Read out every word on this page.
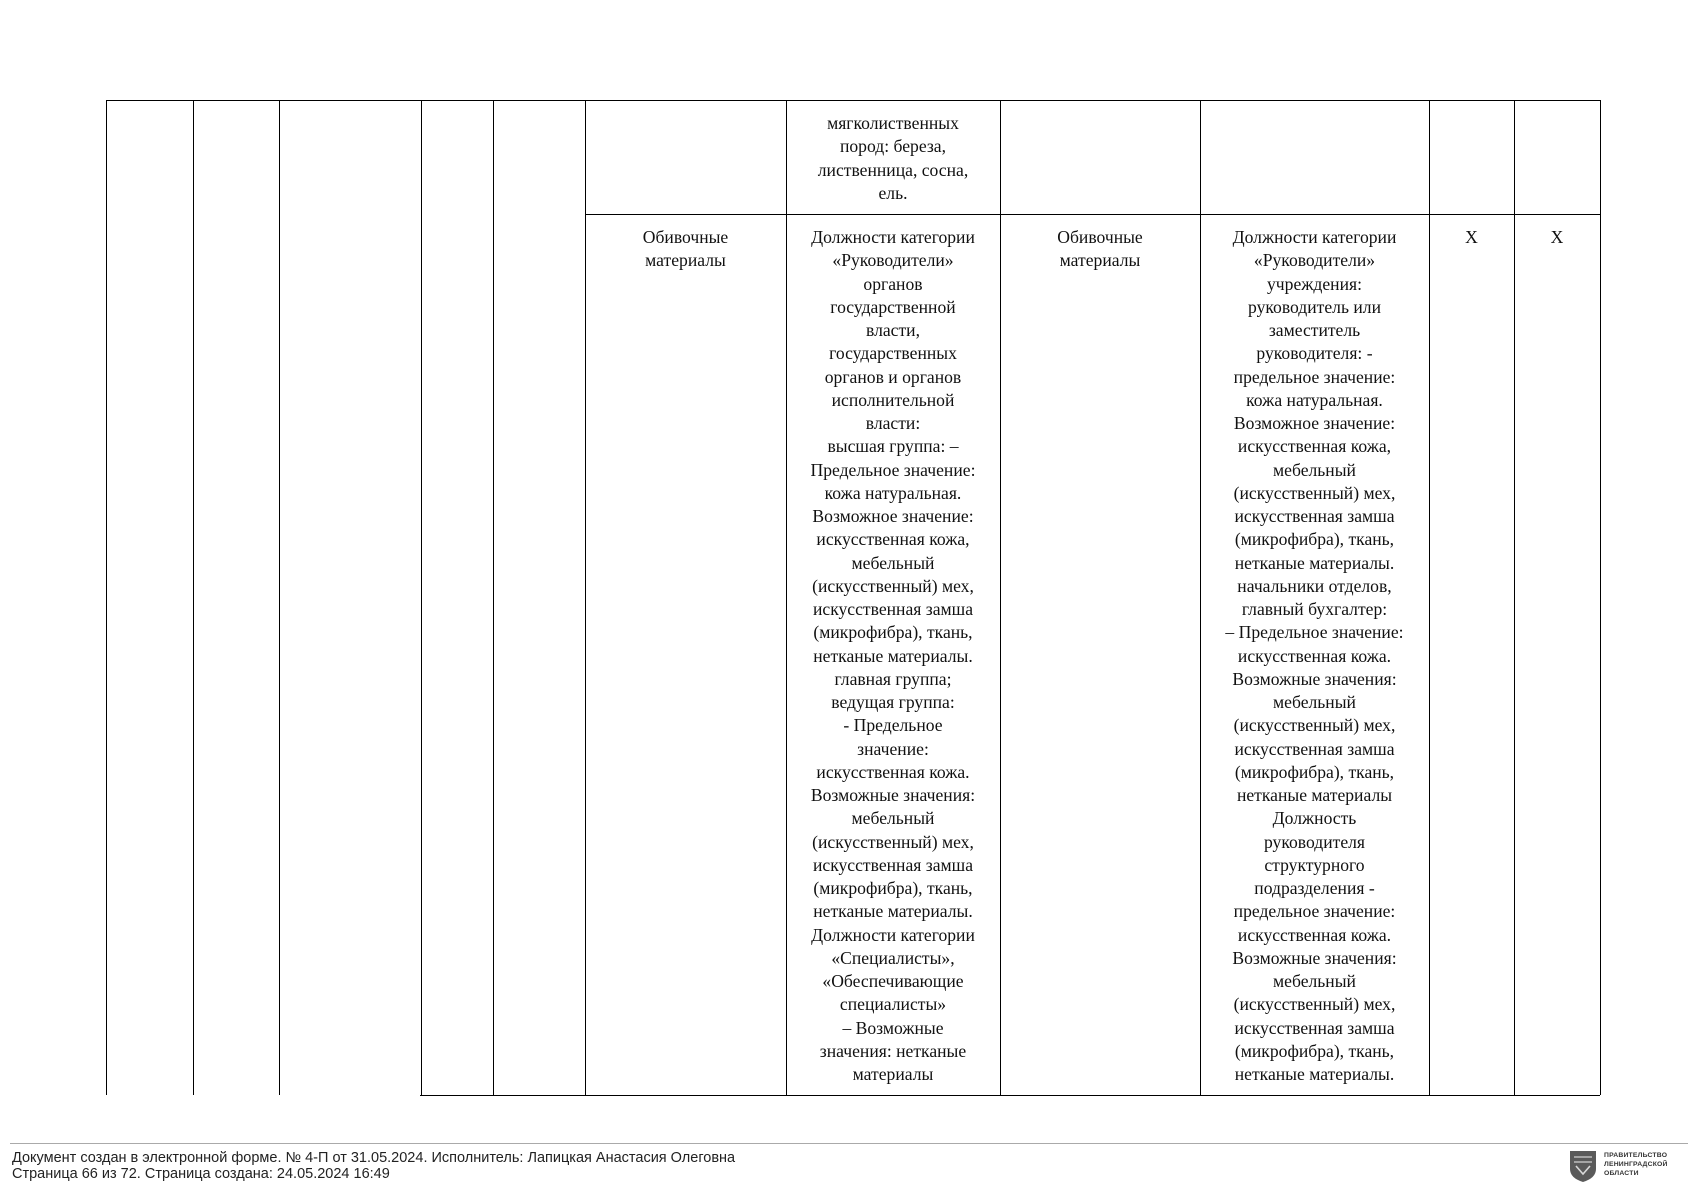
мягколиственных
пород: береза,
лиственница, сосна,
ель.
Обивочные
материалы
Должности категории
«Руководители»
органов
государственной
власти,
государственных
органов и органов
исполнительной
власти:
высшая группа: –
Предельное значение:
кожа натуральная.
Возможное значение:
искусственная кожа,
мебельный
(искусственный) мех,
искусственная замша
(микрофибра), ткань,
нетканые материалы.
главная группа;
ведущая группа:
- Предельное
значение:
искусственная кожа.
Возможные значения:
мебельный
(искусственный) мех,
искусственная замша
(микрофибра), ткань,
нетканые материалы.
Должности категории
«Специалисты»,
«Обеспечивающие
специалисты»
– Возможные
значения: нетканые
материалы
Обивочные
материалы
Должности категории
«Руководители»
учреждения:
руководитель или
заместитель
руководителя: -
предельное значение:
кожа натуральная.
Возможное значение:
искусственная кожа,
мебельный
(искусственный) мех,
искусственная замша
(микрофибра), ткань,
нетканые материалы.
начальники отделов,
главный бухгалтер:
– Предельное значение:
искусственная кожа.
Возможные значения:
мебельный
(искусственный) мех,
искусственная замша
(микрофибра), ткань,
нетканые материалы
Должность
руководителя
структурного
подразделения -
предельное значение:
искусственная кожа.
Возможные значения:
мебельный
(искусственный) мех,
искусственная замша
(микрофибра), ткань,
нетканые материалы.
Х	Х
Документ создан в электронной форме. № 4-П от 31.05.2024. Исполнитель: Лапицкая Анастасия Олеговна
Страница 66 из 72. Страница создана: 24.05.2024 16:49
ПРАВИТЕЛЬСТВО
ЛЕНИНГРАДСКОЙ
ОБЛАСТИ
